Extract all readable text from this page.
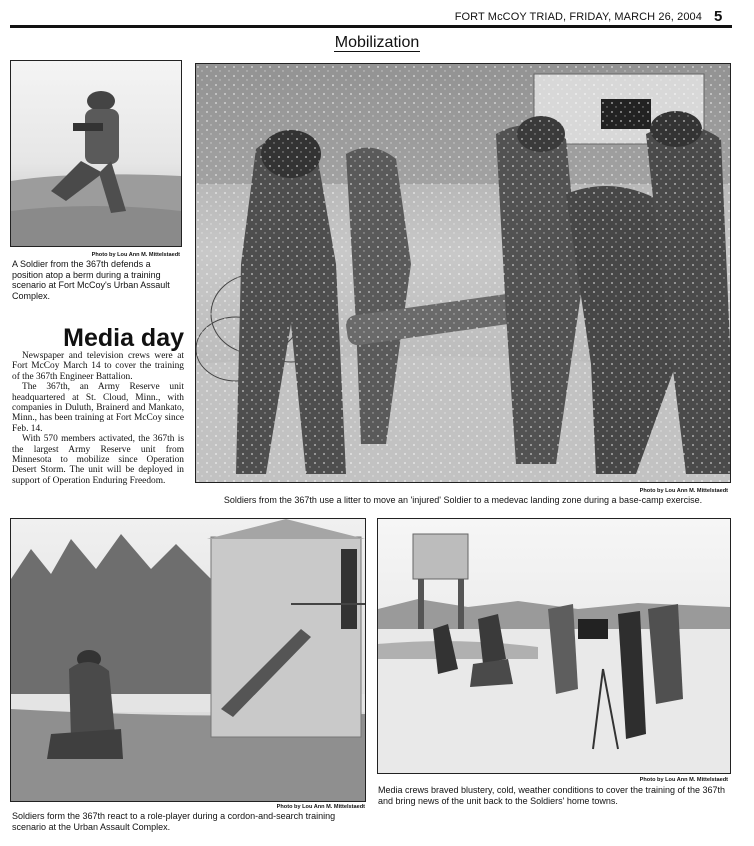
FORT McCOY TRIAD, FRIDAY, MARCH 26, 2004 5
Mobilization
Photo by Lou Ann M. Mittelstaedt
A Soldier from the 367th defends a position atop a berm during a training scenario at Fort McCoy's Urban Assault Complex.
Media day

Newspaper and television crews were at Fort McCoy March 14 to cover the training of the 367th Engineer Battalion.

The 367th, an Army Reserve unit headquartered at St. Cloud, Minn., with companies in Duluth, Brainerd and Mankato, Minn., has been training at Fort McCoy since Feb. 14.

With 570 members activated, the 367th is the largest Army Reserve unit from Minnesota to mobilize since Operation Desert Storm. The unit will be deployed in support of Operation Enduring Freedom.

Photo by Lou Ann M. Mittelstaedt
Soldiers from the 367th use a litter to move an 'injured' Soldier to a medevac landing zone during a base-camp exercise.
Photo by Lou Ann M. Mittelstaedt
Soldiers form the 367th react to a role-player during a cordon-and-search training scenario at the Urban Assault Complex.
Photo by Lou Ann M. Mittelstaedt
Media crews braved blustery, cold, weather conditions to cover the training of the 367th and bring news of the unit back to the Soldiers' home towns.
